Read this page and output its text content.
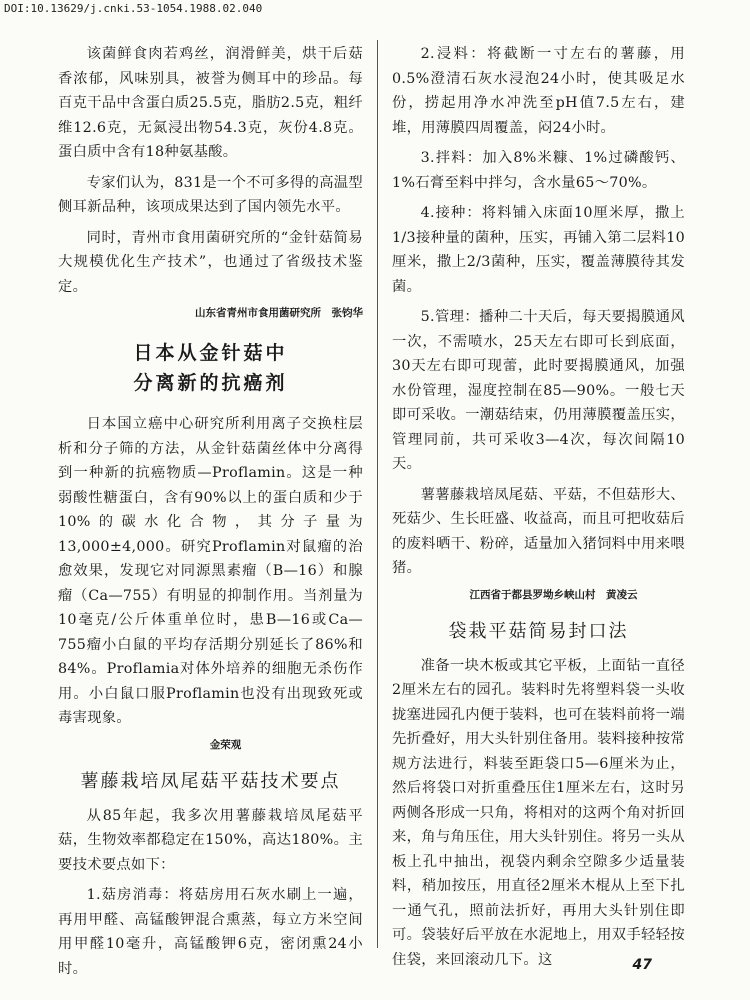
DOI:10.13629/j.cnki.53-1054.1988.02.040

该菌鲜食肉若鸡丝，润滑鲜美，烘干后菇香浓郁，风味别具，被誉为侧耳中的珍品。每百克干品中含蛋白质25.5克，脂肪2.5克，粗纤维12.6克，无氮浸出物54.3克，灰份4.8克。蛋白质中含有18种氨基酸。

专家们认为，831是一个不可多得的高温型侧耳新品种，该项成果达到了国内领先水平。

同时，青州市食用菌研究所的“金针菇简易大规模优化生产技术”，也通过了省级技术鉴定。

山东省青州市食用菌研究所　张钧华
日本从金针菇中
分离新的抗癌剂

日本国立癌中心研究所利用离子交换柱层析和分子筛的方法，从金针菇菌丝体中分离得到一种新的抗癌物质—Proflamin。这是一种弱酸性糖蛋白，含有90%以上的蛋白质和少于10%的碳水化合物，其分子量为13,000±4,000。研究Proflamin对鼠瘤的治愈效果，发现它对同源黑素瘤（B—16）和腺瘤（Ca—755）有明显的抑制作用。当剂量为10毫克/公斤体重单位时，患B—16或Ca—755瘤小白鼠的平均存活期分别延长了86%和84%。Proflamia对体外培养的细胞无杀伤作用。小白鼠口服Proflamin也没有出现致死或毒害现象。

金荣观
薯藤栽培凤尾菇平菇技术要点

从85年起，我多次用薯藤栽培凤尾菇平菇，生物效率都稳定在150%，高达180%。主要技术要点如下：

1.菇房消毒：将菇房用石灰水刷上一遍，再用甲醛、高锰酸钾混合熏蒸，每立方米空间用甲醛10毫升，高锰酸钾6克，密闭熏24小时。

2.浸料：将截断一寸左右的薯藤，用0.5%澄清石灰水浸泡24小时，使其吸足水份，捞起用净水冲洗至pH值7.5左右，建堆，用薄膜四周覆盖，闷24小时。

3.拌料：加入8%米糠、1%过磷酸钙、1%石膏至料中拌匀，含水量65～70%。

4.接种：将料铺入床面10厘米厚，撒上1/3接种量的菌种，压实，再铺入第二层料10厘米，撒上2/3菌种，压实，覆盖薄膜待其发菌。

5.管理：播种二十天后，每天要揭膜通风一次，不需喷水，25天左右即可长到底面，30天左右即可现蕾，此时要揭膜通风，加强水份管理，湿度控制在85—90%。一般七天即可采收。一潮菇结束，仍用薄膜覆盖压实，管理同前，共可采收3—4次，每次间隔10天。

薯薯藤栽培凤尾菇、平菇，不但菇形大、死菇少、生长旺盛、收益高，而且可把收菇后的废料晒干、粉碎，适量加入猪饲料中用来喂猪。

江西省于都县罗坳乡峡山村　黄凌云
袋栽平菇简易封口法

准备一块木板或其它平板，上面钻一直径2厘米左右的园孔。装料时先将塑料袋一头收拢塞进园孔内便于装料，也可在装料前将一端先折叠好，用大头针别住备用。装料接种按常规方法进行，料装至距袋口5—6厘米为止，然后将袋口对折重叠压住1厘米左右，这时另两侧各形成一只角，将相对的这两个角对折回来，角与角压住，用大头针别住。将另一头从板上孔中抽出，视袋内剩余空隙多少适量装料，稍加按压，用直径2厘米木棍从上至下扎一通气孔，照前法折好，再用大头针别住即可。袋装好后平放在水泥地上，用双手轻轻按住袋，来回滚动几下。这	47
